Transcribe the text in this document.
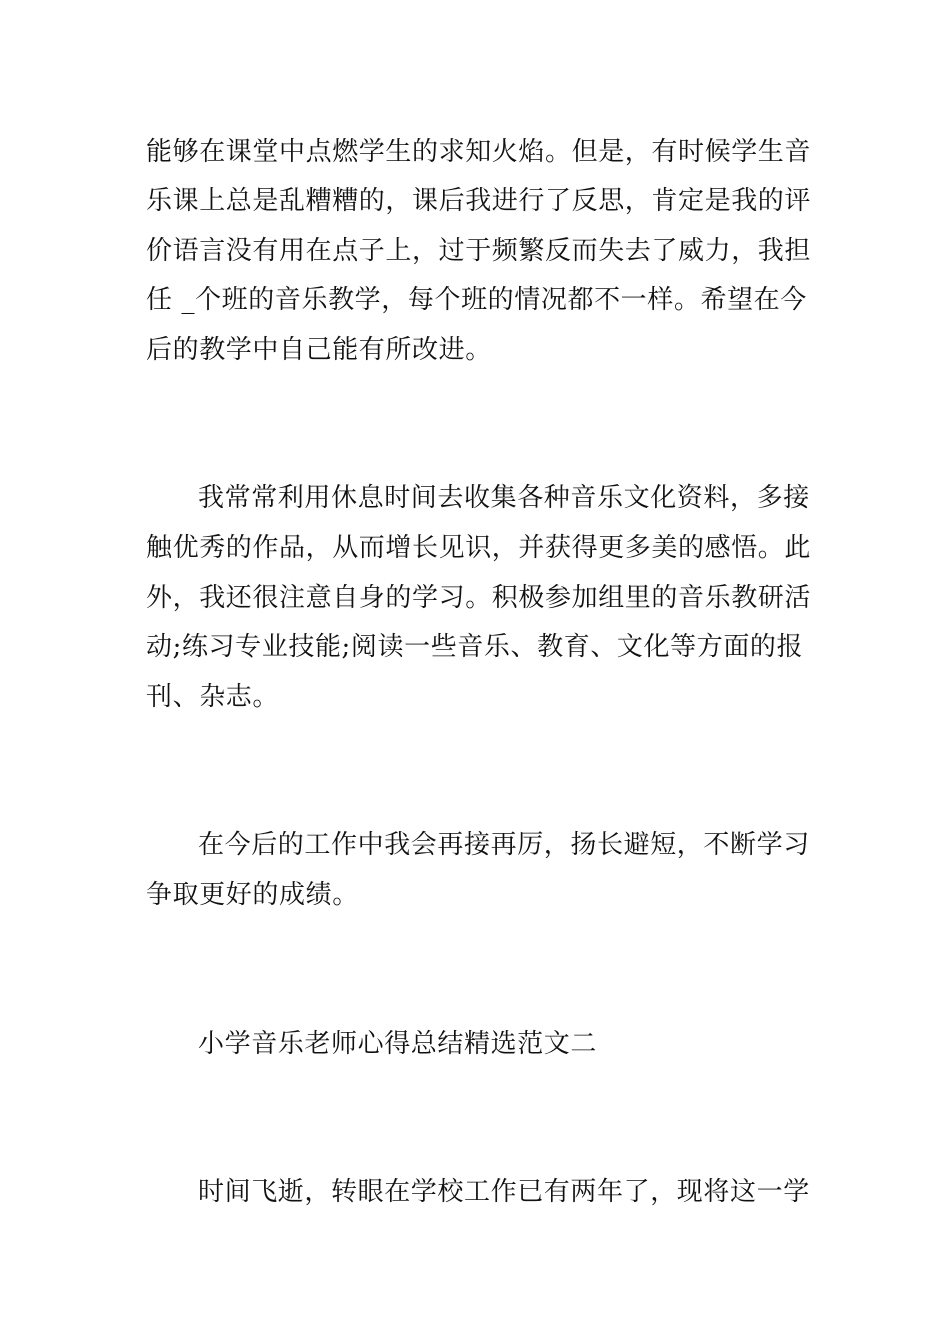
能够在课堂中点燃学生的求知火焰。但是，有时候学生音

乐课上总是乱糟糟的，课后我进行了反思，肯定是我的评

价语言没有用在点子上，过于频繁反而失去了威力，我担

任 _个班的音乐教学，每个班的情况都不一样。希望在今

后的教学中自己能有所改进。

我常常利用休息时间去收集各种音乐文化资料，多接

触优秀的作品，从而增长见识，并获得更多美的感悟。此

外，我还很注意自身的学习。积极参加组里的音乐教研活

动;练习专业技能;阅读一些音乐、教育、文化等方面的报

刊、杂志。

在今后的工作中我会再接再厉，扬长避短，不断学习

争取更好的成绩。

小学音乐老师心得总结精选范文二

时间飞逝，转眼在学校工作已有两年了，现将这一学
